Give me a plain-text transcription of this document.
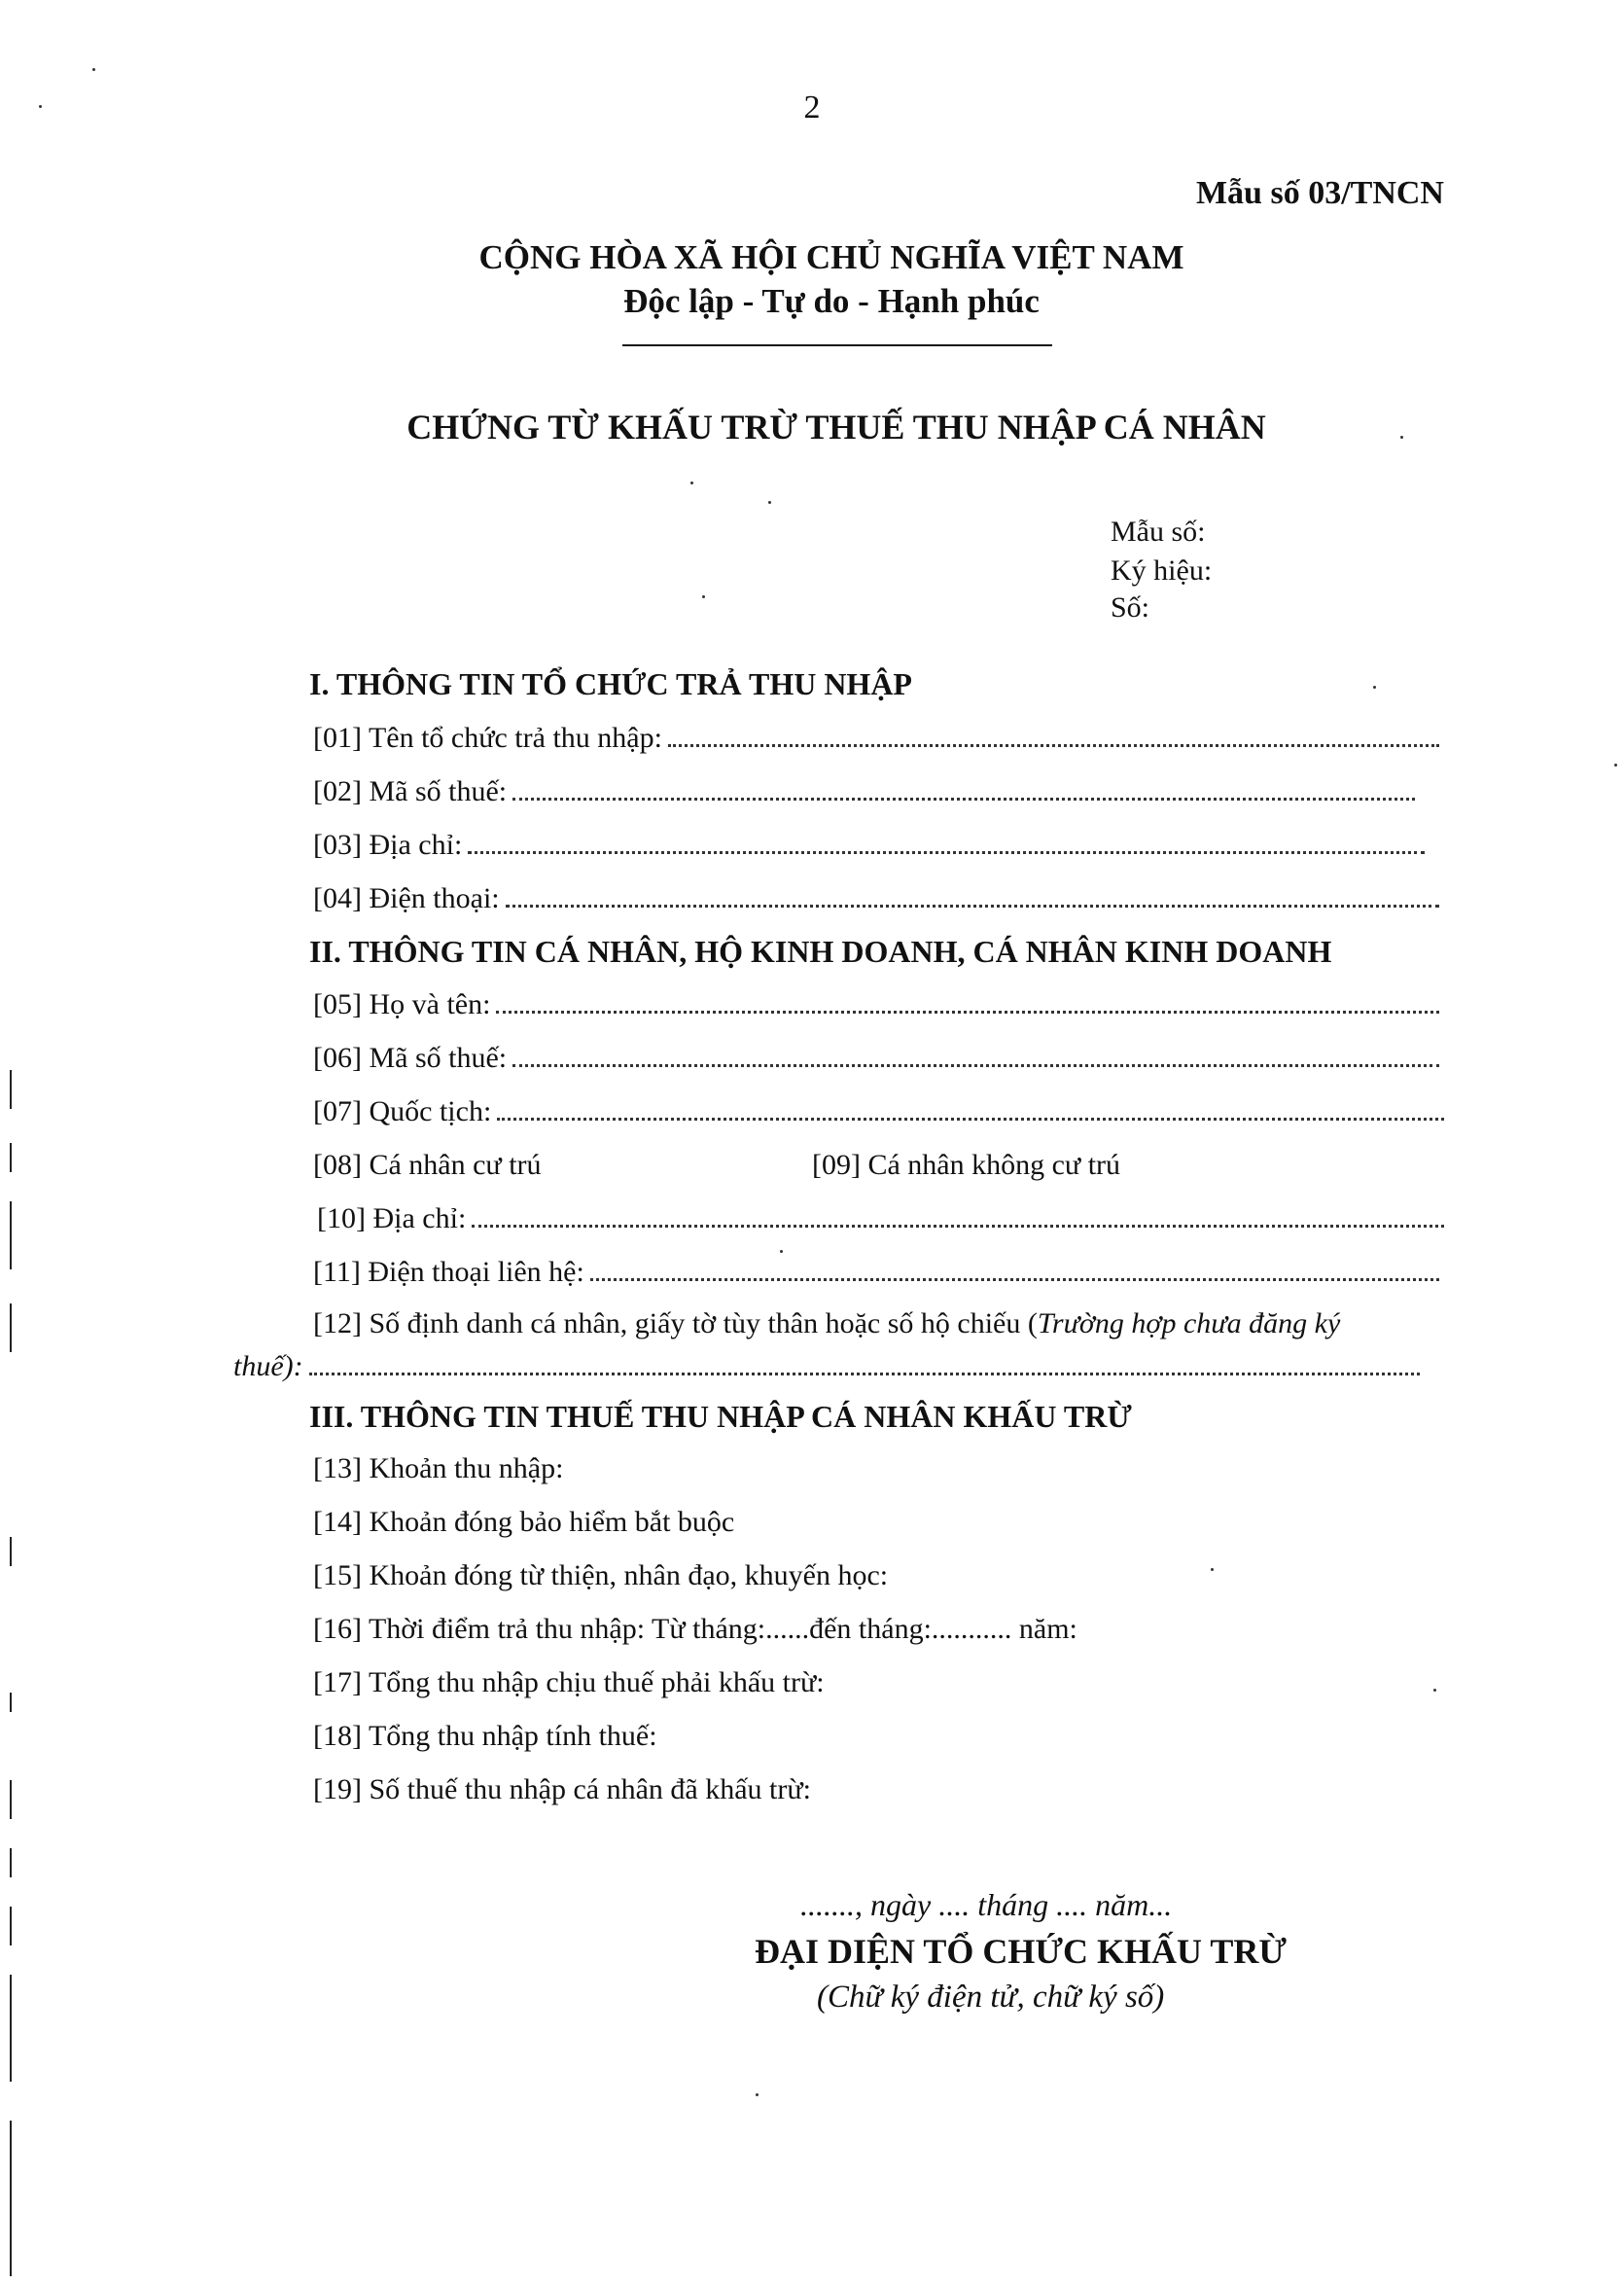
2
Mẫu số 03/TNCN
CỘNG HÒA XÃ HỘI CHỦ NGHĨA VIỆT NAM
Độc lập - Tự do - Hạnh phúc
CHỨNG TỪ KHẤU TRỪ THUẾ THU NHẬP CÁ NHÂN
Mẫu số:
Ký hiệu:
Số:
I. THÔNG TIN TỔ CHỨC TRẢ THU NHẬP
[01] Tên tổ chức trả thu nhập:
[02] Mã số thuế:
[03] Địa chỉ:
[04] Điện thoại:
II. THÔNG TIN CÁ NHÂN, HỘ KINH DOANH, CÁ NHÂN KINH DOANH
[05] Họ và tên:
[06] Mã số thuế:
[07] Quốc tịch:
[08] Cá nhân cư trú	[09] Cá nhân không cư trú
[10] Địa chỉ:
[11] Điện thoại liên hệ:
[12] Số định danh cá nhân, giấy tờ tùy thân hoặc số hộ chiếu (Trường hợp chưa đăng ký
thuế):
III. THÔNG TIN THUẾ THU NHẬP CÁ NHÂN KHẤU TRỪ
[13] Khoản thu nhập:
[14] Khoản đóng bảo hiểm bắt buộc
[15] Khoản đóng từ thiện, nhân đạo, khuyến học:
[16] Thời điểm trả thu nhập: Từ tháng:......đến tháng:........... năm:
[17] Tổng thu nhập chịu thuế phải khấu trừ:
[18] Tổng thu nhập tính thuế:
[19] Số thuế thu nhập cá nhân đã khấu trừ:
......., ngày .... tháng .... năm...
ĐẠI DIỆN TỔ CHỨC KHẤU TRỪ
(Chữ ký điện tử, chữ ký số)
